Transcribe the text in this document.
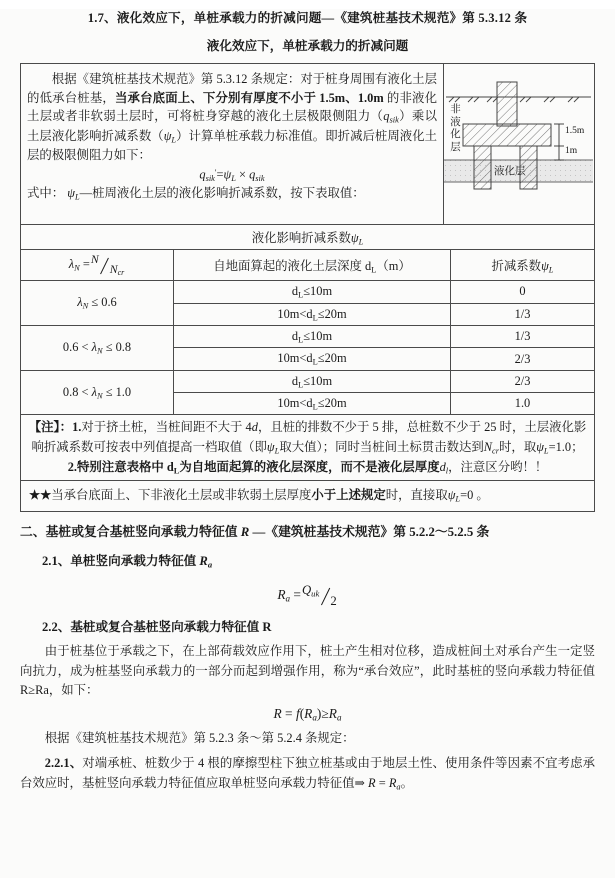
1.7、液化效应下，单桩承载力的折减问题—《建筑桩基技术规范》第 5.3.12 条
液化效应下，单桩承载力的折减问题

根据《建筑桩基技术规范》第 5.3.12 条规定：对于桩身周围有液化土层的低承台桩基，当承台底面上、下分别有厚度不小于 1.5m、1.0m 的非液化土层或者非软弱土层时，可将桩身穿越的液化土层极限侧阻力$(q_{sik})$乘以土层液化影响折减系数$(\psi_L)$计算单桩承载力标准值。即折减后桩周液化土层的极限侧阻力如下：

$q_{sik}'=\psi_L \times q_{sik}$

式中： $\psi_L—$桩周液化土层的液化影响折减系数，按下表取值：

非
液
化
层
液化层
1.5m
1m
液化影响折减系数$\psi_L$
$\lambda_N =NN_{cr}$	自地面算起的液化土层深度 $d_L(m)$	折减系数$\psi_L$
$\lambda_N \le 0.6$	$d_L\le 10m$	0
	$10m<d_L\le 20m$	1/3
$0.6 < \lambda_N \le 0.8$	$d_L\le 10m$	1/3
	$10m<d_L\le 20m$	2/3
$0.8 < \lambda_N \le 1.0$	$d_L\le 10m$	2/3
	$10m<d_L\le 20m$	1.0
【注】：1.对于挤土桩，当桩间距不大于 4d，且桩的排数不少于 5 排，总桩数不少于 25 时，土层液化影响折减系数可按表中列值提高一档取值（即$\psi_L$取大值）；同时当桩间土标贯击数达到$N_{cr}$时，取$\psi_L=1.0$；
2.特别注意表格中 $d_L$为自地面起算的液化层深度，而不是液化层厚度$d_l$，注意区分哟！！		
★★当承台底面上、下非液化土层或非软弱土层厚度小于上述规定时，直接取$\psi_L=0$ 。
二、基桩或复合基桩竖向承载力特征值 R —《建筑桩基技术规范》第 5.2.2～5.2.5 条
2.1、单桩竖向承载力特征值 $R_a$
$R_a =Q_{uk}2$
2.2、基桩或复合基桩竖向承载力特征值 R
由于桩基位于承载之下，在上部荷载效应作用下，桩土产生相对位移，造成桩间土对承台产生一定竖向抗力，成为桩基竖向承载力的一部分而起到增强作用，称为“承台效应”，此时基桩的竖向承载力特征值 R≥Ra，如下：
$R = f(R_a)\ge R_a$
根据《建筑桩基技术规范》第 5.2.3 条～第 5.2.4 条规定：
2.2.1、对端承桩、桩数少于 4 根的摩擦型柱下独立桩基或由于地层土性、使用条件等因素不宜考虑承台效应时，基桩竖向承载力特征值应取单桩竖向承载力特征值⇒ $R = R_a$。
